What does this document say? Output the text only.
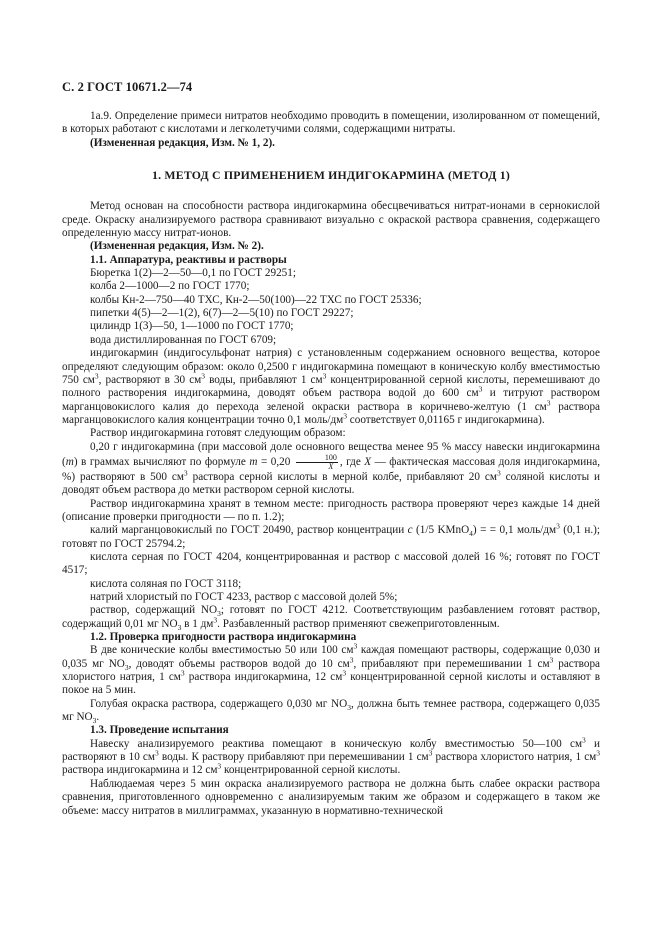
С. 2 ГОСТ 10671.2—74

1а.9. Определение примеси нитратов необходимо проводить в помещении, изолированном от помещений, в которых работают с кислотами и легколетучими солями, содержащими нитраты.

(Измененная редакция, Изм. № 1, 2).

1. МЕТОД С ПРИМЕНЕНИЕМ ИНДИГОКАРМИНА (МЕТОД 1)

Метод основан на способности раствора индигокармина обесцвечиваться нитрат-ионами в сернокислой среде. Окраску анализируемого раствора сравнивают визуально с окраской раствора сравнения, содержащего определенную массу нитрат-ионов.

(Измененная редакция, Изм. № 2).

1.1. Аппаратура, реактивы и растворы

Бюретка 1(2)—2—50—0,1 по ГОСТ 29251;

колба 2—1000—2 по ГОСТ 1770;

колбы Кн-2—750—40 ТХС, Кн-2—50(100)—22 ТХС по ГОСТ 25336;

пипетки 4(5)—2—1(2), 6(7)—2—5(10) по ГОСТ 29227;

цилиндр 1(3)—50, 1—1000 по ГОСТ 1770;

вода дистиллированная по ГОСТ 6709;

индигокармин (индигосульфонат натрия) с установленным содержанием основного вещества, которое определяют следующим образом: около 0,2500 г индигокармина помещают в коническую колбу вместимостью 750 $см^3$, растворяют в 30 $см^3$ воды, прибавляют 1 $см^3$ концентрированной серной кислоты, перемешивают до полного растворения индигокармина, доводят объем раствора водой до 600 $см^3$ и титруют раствором марганцовокислого калия до перехода зеленой окраски раствора в коричнево-желтую (1 $см^3$ раствора марганцовокислого калия концентрации точно 0,1 моль/$дм^3$ соответствует 0,01165 г индигокармина).

Раствор индигокармина готовят следующим образом:

0,20 г индигокармина (при массовой доле основного вещества менее 95 % массу навески индигокармина (m) в граммах вычисляют по формуле $m = 0,20 \frac{100}{X}$ , где X — фактическая массовая доля индигокармина, %) растворяют в 500 $см^3$ раствора серной кислоты в мерной колбе, прибавляют 20 $см^3$ соляной кислоты и доводят объем раствора до метки раствором серной кислоты.

Раствор индигокармина хранят в темном месте: пригодность раствора проверяют через каждые 14 дней (описание проверки пригодности — по п. 1.2);

калий марганцовокислый по ГОСТ 20490, раствор концентрации c (1/5 KMnO$_4$) = = 0,1 моль/$дм^3$ (0,1 н.); готовят по ГОСТ 25794.2;

кислота серная по ГОСТ 4204, концентрированная и раствор с массовой долей 16 %; готовят по ГОСТ 4517;

кислота соляная по ГОСТ 3118;

натрий хлористый по ГОСТ 4233, раствор с массовой долей 5%;

раствор, содержащий $NO_3$; готовят по ГОСТ 4212. Соответствующим разбавлением готовят раствор, содержащий 0,01 мг $NO_3$ в 1 $дм^3$. Разбавленный раствор применяют свежеприготовленным.

1.2. Проверка пригодности раствора индигокармина

В две конические колбы вместимостью 50 или 100 $см^3$ каждая помещают растворы, содержащие 0,030 и 0,035 мг $NO_3$, доводят объемы растворов водой до 10 $см^3$, прибавляют при перемешивании 1 $см^3$ раствора хлористого натрия, 1 $см^3$ раствора индигокармина, 12 $см^3$ концентрированной серной кислоты и оставляют в покое на 5 мин.

Голубая окраска раствора, содержащего 0,030 мг $NO_3$, должна быть темнее раствора, содержащего 0,035 мг $NO_3$.

1.3. Проведение испытания

Навеску анализируемого реактива помещают в коническую колбу вместимостью 50—100 $см^3$ и растворяют в 10 $см^3$ воды. К раствору прибавляют при перемешивании 1 $см^3$ раствора хлористого натрия, 1 $см^3$ раствора индигокармина и 12 $см^3$ концентрированной серной кислоты.

Наблюдаемая через 5 мин окраска анализируемого раствора не должна быть слабее окраски раствора сравнения, приготовленного одновременно с анализируемым таким же образом и содержащего в таком же объеме: массу нитратов в миллиграммах, указанную в нормативно-технической
